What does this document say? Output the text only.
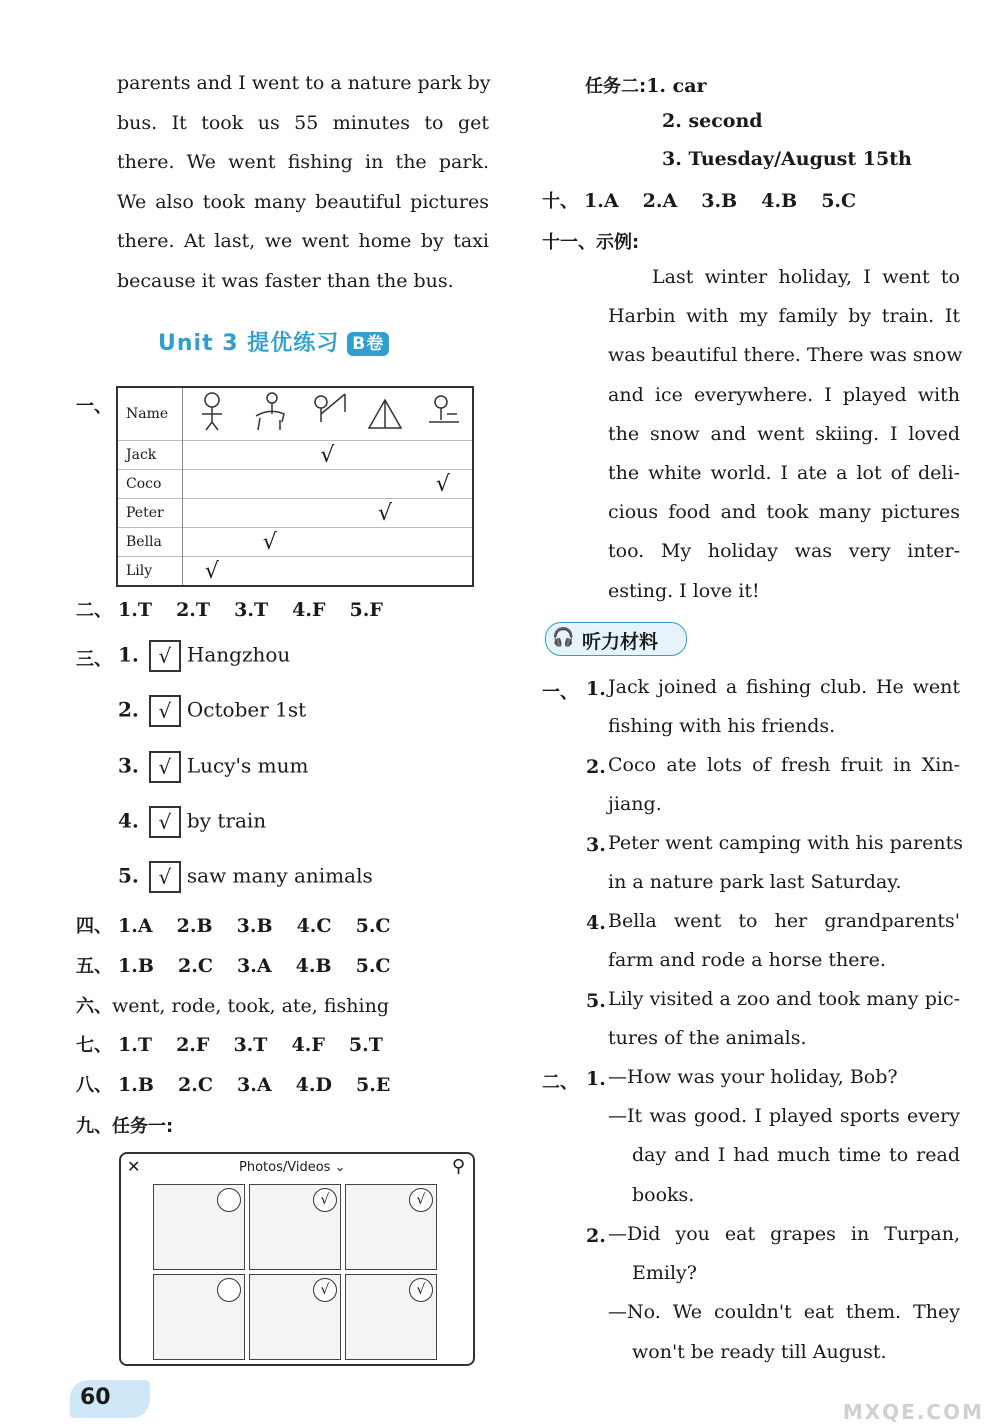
parents and I went to a nature park by
bus. It took us 55 minutes to get
there. We went fishing in the park.
We also took many beautiful pictures
there. At last, we went home by taxi
because it was faster than the bus.
Unit 3 提优练习 B卷
一、 Name					
Jack			√		
Coco					√
Peter				√	
Bella		√			
Lily	√				
二、 1.T 2.T 3.T 4.F 5.F
三、 1. √ Hangzhou
2. √ October 1st
3. √ Lucy's mum
4. √ by train
5. √ saw many animals
四、 1.A 2.B 3.B 4.C 5.C
五、 1.B 2.C 3.A 4.B 5.C
六、went, rode, took, ate, fishing
七、 1.T 2.F 3.T 4.F 5.T
八、 1.B 2.C 3.A 4.D 5.E
九、任务一:
✕	Photos/Videos ⌄	⚲
√	√
√	√
60
任务二:1. car
2. second
3. Tuesday/August 15th
十、 1.A 2.A 3.B 4.B 5.C
十一、示例:
Last winter holiday, I went to
Harbin with my family by train. It
was beautiful there. There was snow
and ice everywhere. I played with
the snow and went skiing. I loved
the white world. I ate a lot of deli-
cious food and took many pictures
too. My holiday was very inter-
esting. I love it!
🎧 听力材料
一、 1. Jack joined a fishing club. He went
fishing with his friends.
2. Coco ate lots of fresh fruit in Xin-
jiang.
3. Peter went camping with his parents
in a nature park last Saturday.
4. Bella went to her grandparents'
farm and rode a horse there.
5. Lily visited a zoo and took many pic-
tures of the animals.
二、 1. —How was your holiday, Bob?
—It was good. I played sports every
day and I had much time to read
books.
2. —Did you eat grapes in Turpan,
Emily?
—No. We couldn't eat them. They
won't be ready till August.
MXQE.COM
